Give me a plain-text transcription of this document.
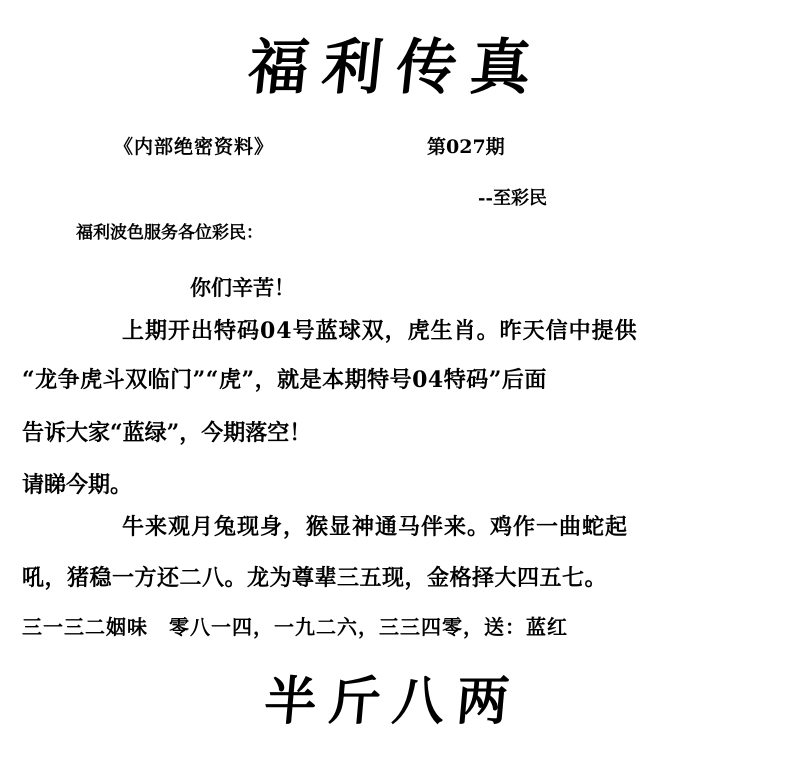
福利传真
《内部绝密资料》	第027期
--至彩民
福利波色服务各位彩民：
你们辛苦！
上期开出特码04号蓝球双，虎生肖。昨天信中提供
“龙争虎斗双临门”“虎”，就是本期特号04特码”后面
告诉大家“蓝绿”，今期落空！
请睇今期。
牛来观月兔现身，猴显神通马伴来。鸡作一曲蛇起
吼，猪稳一方还二八。龙为尊辈三五现，金格择大四五七。
三一三二姻味　零八一四，一九二六，三三四零，送：蓝红
半斤八两
